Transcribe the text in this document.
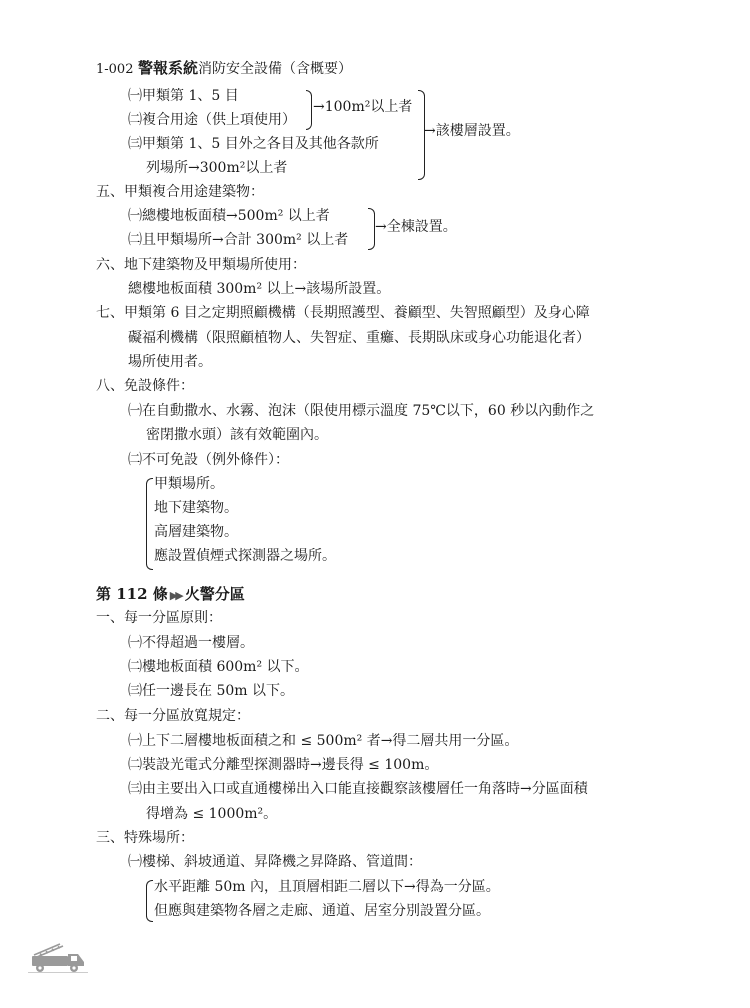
1-002 警報系統消防安全設備（含概要）
㈠甲類第 1、5 目
㈡複合用途（供上項使用）
→100m²以上者
㈢甲類第 1、5 目外之各目及其他各款所
列場所→300m²以上者
→該樓層設置。
五、甲類複合用途建築物：
㈠總樓地板面積→500m² 以上者
㈡且甲類場所→合計 300m² 以上者
→全棟設置。
六、地下建築物及甲類場所使用：
總樓地板面積 300m² 以上→該場所設置。
七、甲類第 6 目之定期照顧機構（長期照護型、養顧型、失智照顧型）及身心障
礙福利機構（限照顧植物人、失智症、重癱、長期臥床或身心功能退化者）
場所使用者。
八、免設條件：
㈠在自動撒水、水霧、泡沫（限使用標示溫度 75℃以下，60 秒以內動作之
密閉撒水頭）該有效範圍內。
㈡不可免設（例外條件）：
甲類場所。
地下建築物。
高層建築物。
應設置偵煙式探測器之場所。
第 112 條 ▶▶ 火警分區
一、每一分區原則：
㈠不得超過一樓層。
㈡樓地板面積 600m² 以下。
㈢任一邊長在 50m 以下。
二、每一分區放寬規定：
㈠上下二層樓地板面積之和 ≤ 500m² 者→得二層共用一分區。
㈡裝設光電式分離型探測器時→邊長得 ≤ 100m。
㈢由主要出入口或直通樓梯出入口能直接觀察該樓層任一角落時→分區面積
得增為 ≤ 1000m²。
三、特殊場所：
㈠樓梯、斜坡通道、昇降機之昇降路、管道間：
水平距離 50m 內，且頂層相距二層以下→得為一分區。
但應與建築物各層之走廊、通道、居室分別設置分區。
